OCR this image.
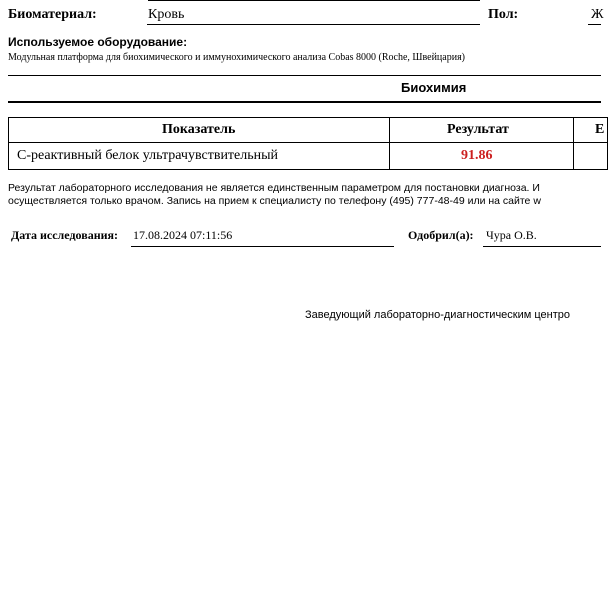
Биоматериал:	Кровь	Пол:	Ж
Используемое оборудование:
Модульная платформа для биохимического и иммунохимического анализа Cobas 8000 (Roche, Швейцария)
Биохимия
Показатель	Результат	Е
С-реактивный белок ультрачувствительный	91.86
Результат лабораторного исследования не является единственным параметром для постановки диагноза. И
осуществляется только врачом. Запись на прием к специалисту по телефону (495) 777-48-49 или на сайте w
Дата исследования: 17.08.2024 07:11:56	Одобрил(а): Чура О.В.
Заведующий лабораторно-диагностическим центро
